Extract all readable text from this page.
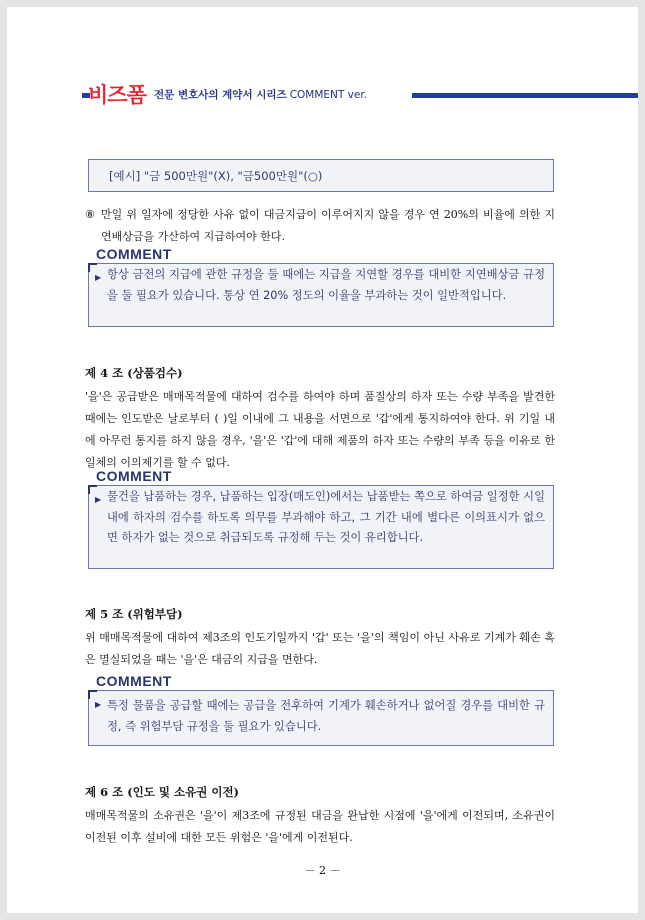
비즈폼 전문 변호사의 계약서 시리즈 COMMENT ver.
[예시] "금 500만원"(X), "금500만원"(○)

⑧ 만일 위 일자에 정당한 사유 없이 대금지급이 이루어지지 않을 경우 연 20%의 비율에 의한 지연배상금을 가산하여 지급하여야 한다.

COMMENT
▶ 항상 금전의 지급에 관한 규정을 둘 때에는 지급을 지연할 경우를 대비한 지연배상금 규정을 둘 필요가 있습니다. 통상 연 20% 정도의 이율을 부과하는 것이 일반적입니다.

제 4 조 (상품검수)

'을'은 공급받은 매매목적물에 대하여 검수를 하여야 하며 품질상의 하자 또는 수량 부족을 발견한 때에는 인도받은 날로부터 ( )일 이내에 그 내용을 서면으로 '갑'에게 통지하여야 한다. 위 기일 내에 아무런 통지를 하지 않을 경우, '을'은 '갑'에 대해 제품의 하자 또는 수량의 부족 등을 이유로 한 일체의 이의제기를 할 수 없다.

COMMENT
▶ 물건을 납품하는 경우, 납품하는 입장(매도인)에서는 납품받는 쪽으로 하여금 일정한 시일 내에 하자의 검수를 하도록 의무를 부과해야 하고, 그 기간 내에 별다른 이의표시가 없으면 하자가 없는 것으로 취급되도록 규정해 두는 것이 유리합니다.

제 5 조 (위험부담)

위 매매목적물에 대하여 제3조의 인도기일까지 '갑' 또는 '을'의 책임이 아닌 사유로 기계가 훼손 혹은 멸실되었을 때는 '을'은 대금의 지급을 면한다.

COMMENT
▶ 특정 물품을 공급할 때에는 공급을 전후하여 기계가 훼손하거나 없어질 경우를 대비한 규정, 즉 위험부담 규정을 둘 필요가 있습니다.

제 6 조 (인도 및 소유권 이전)

매매목적물의 소유권은 '을'이 제3조에 규정된 대금을 완납한 시점에 '을'에게 이전되며, 소유권이 이전된 이후 설비에 대한 모든 위험은 '을'에게 이전된다.

－ 2 －
